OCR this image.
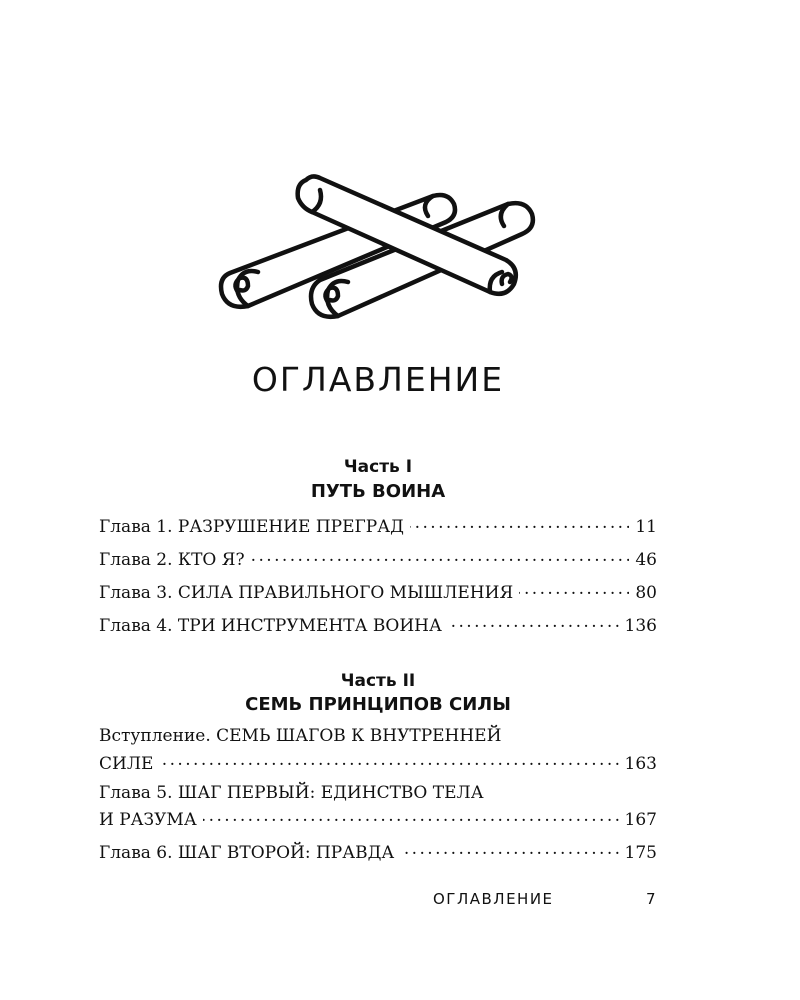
ОГЛАВЛЕНИЕ
Часть I
ПУТЬ ВОИНА
Глава 1. РАЗРУШЕНИЕ ПРЕГРАД . . .	11
Глава 2. КТО Я? . . .	46
Глава 3. СИЛА ПРАВИЛЬНОГО МЫШЛЕНИЯ . . .	80
Глава 4. ТРИ ИНСТРУМЕНТА ВОИНА . . .	136
Часть II
СЕМЬ ПРИНЦИПОВ СИЛЫ
Вступление. СЕМЬ ШАГОВ К ВНУТРЕННЕЙ
СИЛЕ . . .	163
Глава 5. ШАГ ПЕРВЫЙ: ЕДИНСТВО ТЕЛА
И РАЗУМА . . .	167
Глава 6. ШАГ ВТОРОЙ: ПРАВДА . . .	175
ОГЛАВЛЕНИЕ	7
